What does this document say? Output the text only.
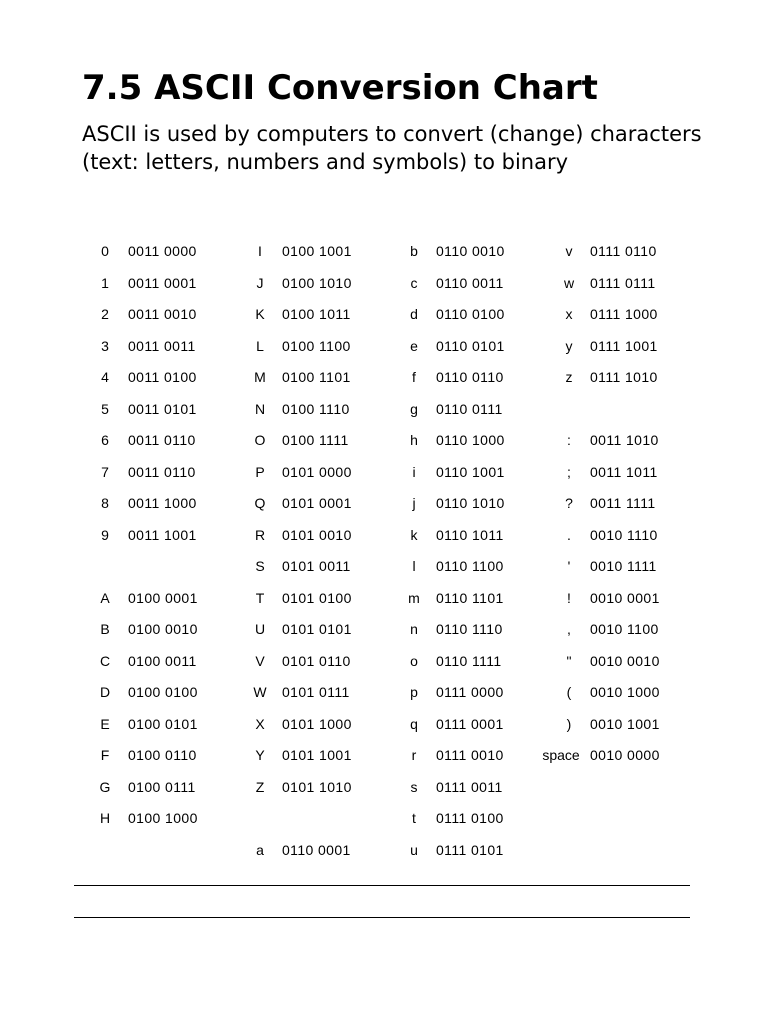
7.5 ASCII Conversion Chart

ASCII is used by computers to convert (change) characters (text: letters, numbers and symbols) to binary

0	0011 0000
1	0011 0001
2	0011 0010
3	0011 0011
4	0011 0100
5	0011 0101
6	0011 0110
7	0011 0110
8	0011 1000
9	0011 1001
A	0100 0001
B	0100 0010
C	0100 0011
D	0100 0100
E	0100 0101
F	0100 0110
G	0100 0111
H	0100 1000
I	0100 1001
J	0100 1010
K	0100 1011
L	0100 1100
M	0100 1101
N	0100 1110
O	0100 1111
P	0101 0000
Q	0101 0001
R	0101 0010
S	0101 0011
T	0101 0100
U	0101 0101
V	0101 0110
W	0101 0111
X	0101 1000
Y	0101 1001
Z	0101 1010
a	0110 0001
b	0110 0010
c	0110 0011
d	0110 0100
e	0110 0101
f	0110 0110
g	0110 0111
h	0110 1000
i	0110 1001
j	0110 1010
k	0110 1011
l	0110 1100
m	0110 1101
n	0110 1110
o	0110 1111
p	0111 0000
q	0111 0001
r	0111 0010
s	0111 0011
t	0111 0100
u	0111 0101
v	0111 0110
w	0111 0111
x	0111 1000
y	0111 1001
z	0111 1010
:	0011 1010
;	0011 1011
?	0011 1111
.	0010 1110
'	0010 1111
!	0010 0001
,	0010 1100
"	0010 0010
(	0010 1000
)	0010 1001
space 0010 0000
